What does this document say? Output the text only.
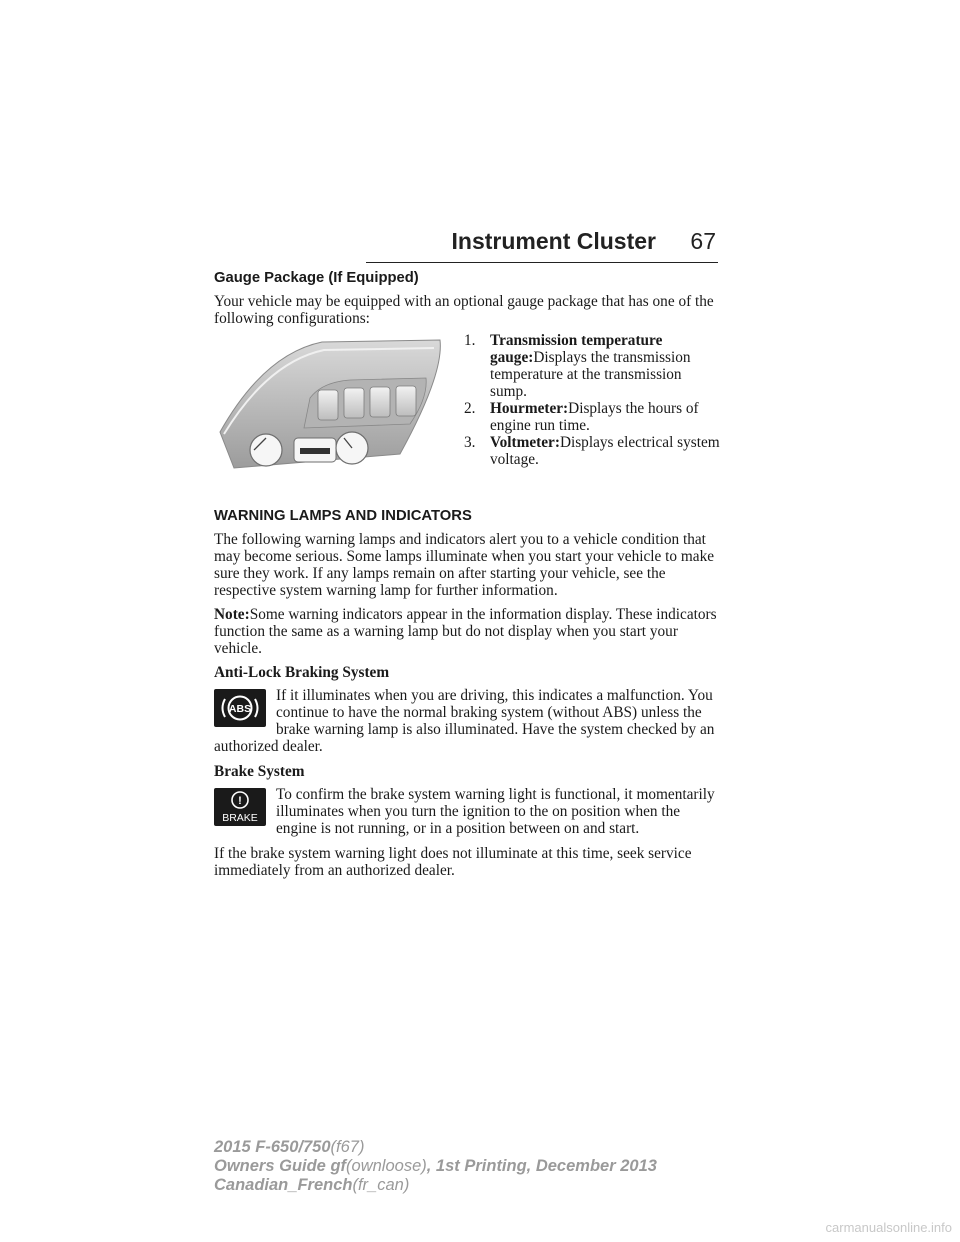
Instrument Cluster 67
Gauge Package (If Equipped)

Your vehicle may be equipped with an optional gauge package that has one of the following configurations:

1. Transmission temperature gauge:Displays the transmission temperature at the transmission sump.
2. Hourmeter:Displays the hours of engine run time.
3. Voltmeter:Displays electrical system voltage.
WARNING LAMPS AND INDICATORS

The following warning lamps and indicators alert you to a vehicle condition that may become serious. Some lamps illuminate when you start your vehicle to make sure they work. If any lamps remain on after starting your vehicle, see the respective system warning lamp for further information.

Note:Some warning indicators appear in the information display. These indicators function the same as a warning lamp but do not display when you start your vehicle.

Anti-Lock Braking System
ABS
If it illuminates when you are driving, this indicates a malfunction. You continue to have the normal braking system (without ABS) unless the brake warning lamp is also illuminated. Have the system checked by an authorized dealer.
Brake System
!
BRAKE
To confirm the brake system warning light is functional, it momentarily illuminates when you turn the ignition to the on position when the engine is not running, or in a position between on and start.

If the brake system warning light does not illuminate at this time, seek service immediately from an authorized dealer.

2015 F-650/750(f67)
Owners Guide gf(ownloose), 1st Printing, December 2013
Canadian_French(fr_can)
carmanualsonline.info
